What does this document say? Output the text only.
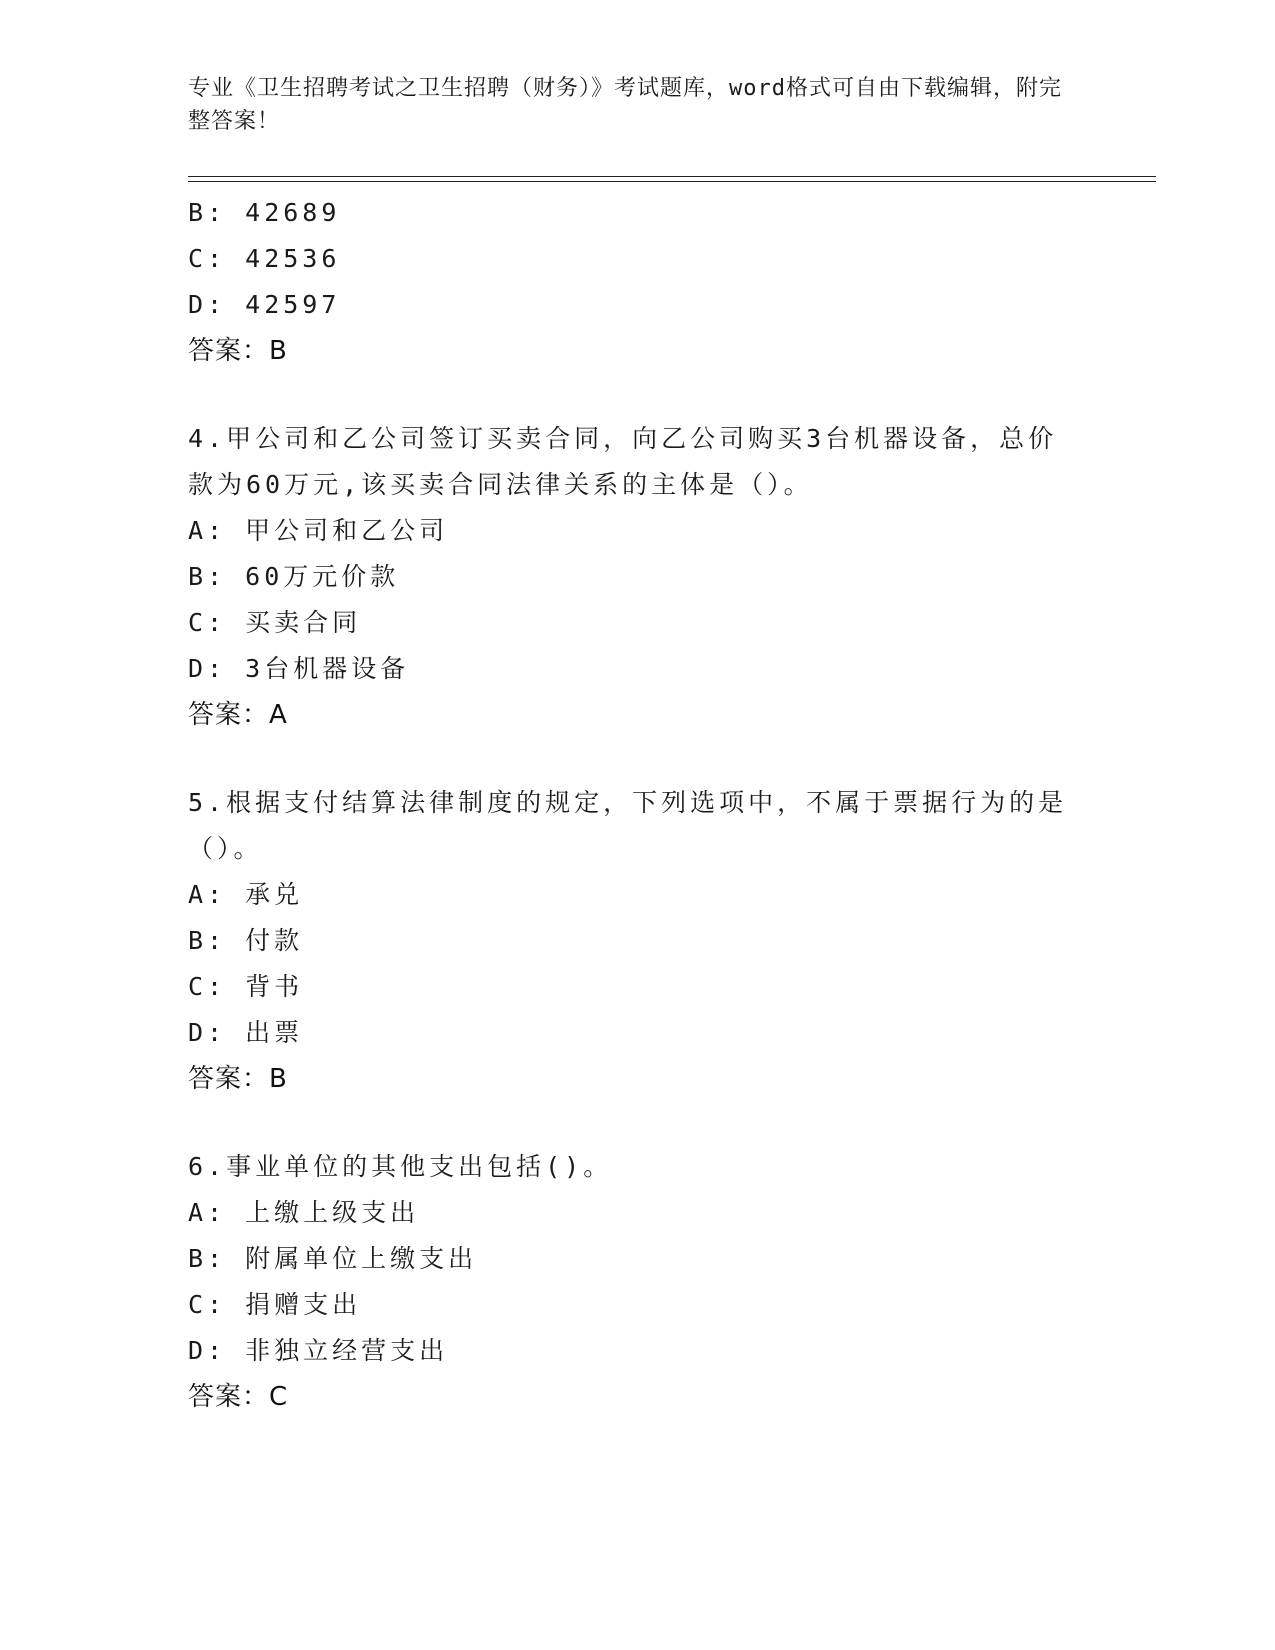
专业《卫生招聘考试之卫生招聘（财务）》考试题库，word格式可自由下载编辑，附完整答案！
B: 42689
C: 42536
D: 42597
答案：B
4.甲公司和乙公司签订买卖合同，向乙公司购买3台机器设备，总价款为60万元,该买卖合同法律关系的主体是（）。
A: 甲公司和乙公司
B: 60万元价款
C: 买卖合同
D: 3台机器设备
答案：A
5.根据支付结算法律制度的规定，下列选项中，不属于票据行为的是（）。
A: 承兑
B: 付款
C: 背书
D: 出票
答案：B
6.事业单位的其他支出包括()。
A: 上缴上级支出
B: 附属单位上缴支出
C: 捐赠支出
D: 非独立经营支出
答案：C
